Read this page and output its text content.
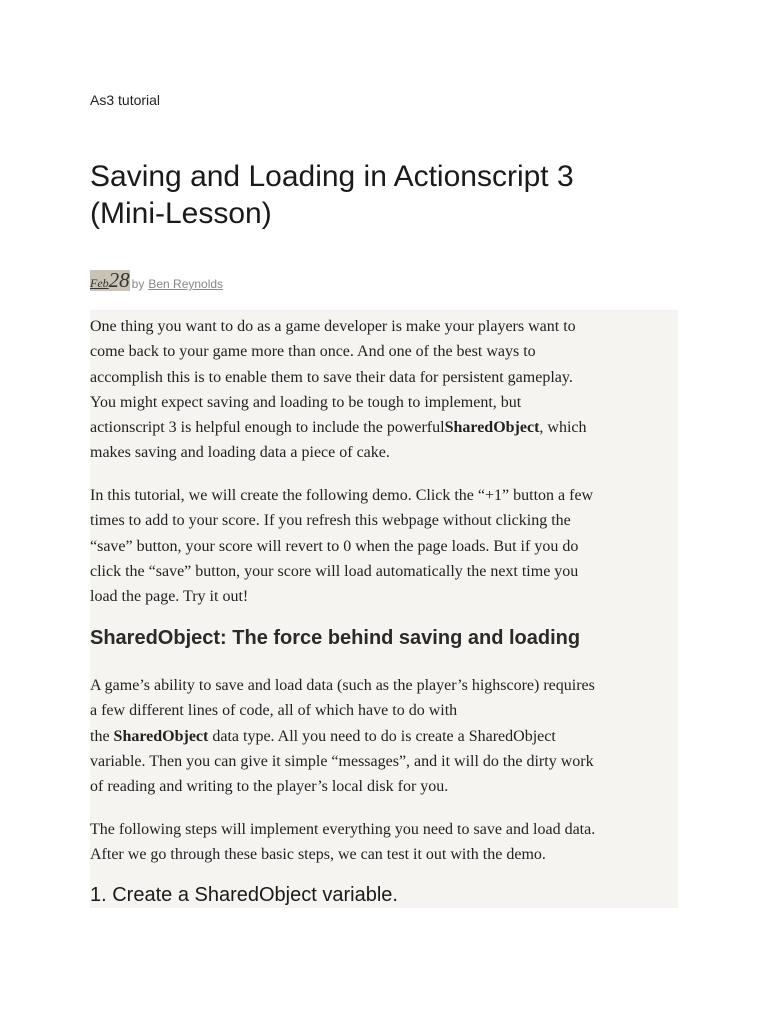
As3 tutorial
Saving and Loading in Actionscript 3 (Mini-Lesson)
Feb 28 by Ben Reynolds

One thing you want to do as a game developer is make your players want to
come back to your game more than once. And one of the best ways to
accomplish this is to enable them to save their data for persistent gameplay.
You might expect saving and loading to be tough to implement, but
actionscript 3 is helpful enough to include the powerfulSharedObject, which
makes saving and loading data a piece of cake.

In this tutorial, we will create the following demo. Click the “+1” button a few
times to add to your score. If you refresh this webpage without clicking the
“save” button, your score will revert to 0 when the page loads. But if you do
click the “save” button, your score will load automatically the next time you
load the page. Try it out!

SharedObject: The force behind saving and loading

A game’s ability to save and load data (such as the player’s highscore) requires
a few different lines of code, all of which have to do with
the SharedObject data type. All you need to do is create a SharedObject
variable. Then you can give it simple “messages”, and it will do the dirty work
of reading and writing to the player’s local disk for you.

The following steps will implement everything you need to save and load data.
After we go through these basic steps, we can test it out with the demo.

1. Create a SharedObject variable.
